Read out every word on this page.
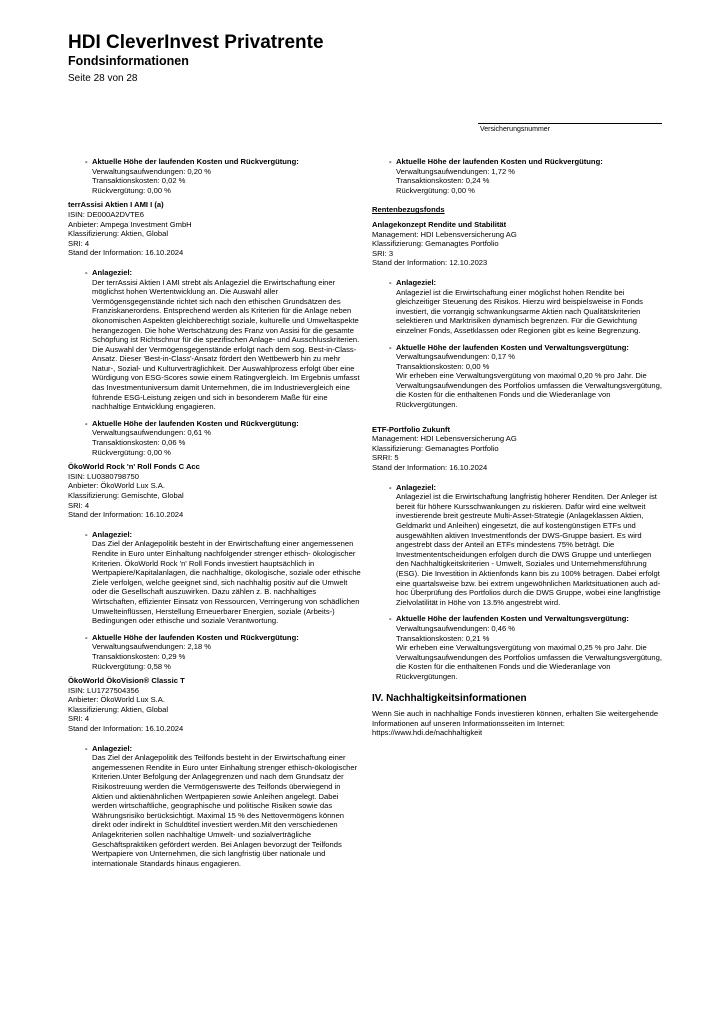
HDI CleverInvest Privatrente
Fondsinformationen
Seite 28 von 28
Versicherungsnummer
- Aktuelle Höhe der laufenden Kosten und Rückvergütung:
Verwaltungsaufwendungen: 0,20 %
Transaktionskosten: 0,02 %
Rückvergütung: 0,00 %
terrAssisi Aktien I AMI I (a)
ISIN: DE000A2DVTE6
Anbieter: Ampega Investment GmbH
Klassifizierung: Aktien, Global
SRI: 4
Stand der Information: 16.10.2024
- Anlageziel:
Der terrAssisi Aktien I AMI strebt als Anlageziel die Erwirtschaftung einer möglichst hohen Wertentwicklung an. Die Auswahl aller Vermögensgegenstände richtet sich nach den ethischen Grundsätzen des Franziskanerordens. Entsprechend werden als Kriterien für die Anlage neben ökonomischen Aspekten gleichberechtigt soziale, kulturelle und Umweltaspekte herangezogen. Die hohe Wertschätzung des Franz von Assisi für die gesamte Schöpfung ist Richtschnur für die spezifischen Anlage- und Ausschlusskriterien. Die Auswahl der Vermögensgegenstände erfolgt nach dem sog. Best-in-Class-Ansatz. Dieser 'Best-in-Class'-Ansatz fördert den Wettbewerb hin zu mehr Natur-, Sozial- und Kulturverträglichkeit. Der Auswahlprozess erfolgt über eine Würdigung von ESG-Scores sowie einem Ratingvergleich. Im Ergebnis umfasst das Investmentuniversum damit Unternehmen, die im Industrievergleich eine führende ESG-Leistung zeigen und sich in besonderem Maße für eine nachhaltige Entwicklung engagieren.
- Aktuelle Höhe der laufenden Kosten und Rückvergütung:
Verwaltungsaufwendungen: 0,61 %
Transaktionskosten: 0,06 %
Rückvergütung: 0,00 %
ÖkoWorld Rock 'n' Roll Fonds C Acc
ISIN: LU0380798750
Anbieter: ÖkoWorld Lux S.A.
Klassifizierung: Gemischte, Global
SRI: 4
Stand der Information: 16.10.2024
- Anlageziel:
Das Ziel der Anlagepolitik besteht in der Erwirtschaftung einer angemessenen Rendite in Euro unter Einhaltung nachfolgender strenger ethisch- ökologischer Kriterien. ÖkoWorld Rock 'n' Roll Fonds investiert hauptsächlich in Wertpapiere/Kapitalanlagen, die nachhaltige, ökologische, soziale oder ethische Ziele verfolgen, welche geeignet sind, sich nachhaltig positiv auf die Umwelt oder die Gesellschaft auszuwirken. Dazu zählen z. B. nachhaltiges Wirtschaften, effizienter Einsatz von Ressourcen, Verringerung von schädlichen Umwelteinflüssen, Herstellung Erneuerbarer Energien, soziale (Arbeits-) Bedingungen oder ethische und soziale Verantwortung.
- Aktuelle Höhe der laufenden Kosten und Rückvergütung:
Verwaltungsaufwendungen: 2,18 %
Transaktionskosten: 0,29 %
Rückvergütung: 0,58 %
ÖkoWorld ÖkoVision® Classic T
ISIN: LU1727504356
Anbieter: ÖkoWorld Lux S.A.
Klassifizierung: Aktien, Global
SRI: 4
Stand der Information: 16.10.2024
- Anlageziel:
Das Ziel der Anlagepolitik des Teilfonds besteht in der Erwirtschaftung einer angemessenen Rendite in Euro unter Einhaltung strenger ethisch-ökologischer Kriterien.Unter Befolgung der Anlagegrenzen und nach dem Grundsatz der Risikostreuung werden die Vermögenswerte des Teilfonds überwiegend in Aktien und aktienähnlichen Wertpapieren sowie Anleihen angelegt. Dabei werden wirtschaftliche, geographische und politische Risiken sowie das Währungsrisiko berücksichtigt. Maximal 15 % des Nettovermögens können direkt oder indirekt in Schuldtitel investiert werden.Mit den verschiedenen Anlagekriterien sollen nachhaltige Umwelt- und sozialverträgliche Geschäftspraktiken gefördert werden. Bei Anlagen bevorzugt der Teilfonds Wertpapiere von Unternehmen, die sich langfristig über nationale und internationale Standards hinaus engagieren.
- Aktuelle Höhe der laufenden Kosten und Rückvergütung:
Verwaltungsaufwendungen: 1,72 %
Transaktionskosten: 0,24 %
Rückvergütung: 0,00 %
Rentenbezugsfonds
Anlagekonzept Rendite und Stabilität
Management: HDI Lebensversicherung AG
Klassifizierung: Gemanagtes Portfolio
SRI: 3
Stand der Information: 12.10.2023
- Anlageziel:
Anlageziel ist die Erwirtschaftung einer möglichst hohen Rendite bei gleichzeitiger Steuerung des Risikos. Hierzu wird beispielsweise in Fonds investiert, die vorrangig schwankungsarme Aktien nach Qualitätskriterien selektieren und Marktrisiken dynamisch begrenzen. Für die Gewichtung einzelner Fonds, Assetklassen oder Regionen gibt es keine Begrenzung.
- Aktuelle Höhe der laufenden Kosten und Verwaltungsvergütung:
Verwaltungsaufwendungen: 0,17 %
Transaktionskosten: 0,00 %
Wir erheben eine Verwaltungsvergütung von maximal 0,20 % pro Jahr. Die Verwaltungsaufwendungen des Portfolios umfassen die Verwaltungsvergütung, die Kosten für die enthaltenen Fonds und die Wiederanlage von Rückvergütungen.
ETF-Portfolio Zukunft
Management: HDI Lebensversicherung AG
Klassifizierung: Gemanagtes Portfolio
SRRI: 5
Stand der Information: 16.10.2024
- Anlageziel:
Anlageziel ist die Erwirtschaftung langfristig höherer Renditen. Der Anleger ist bereit für höhere Kursschwankungen zu riskieren. Dafür wird eine weltweit investierende breit gestreute Multi-Asset-Strategie (Anlageklassen Aktien, Geldmarkt und Anleihen) eingesetzt, die auf kostengünstigen ETFs und ausgewählten aktiven Investmentfonds der DWS-Gruppe basiert. Es wird angestrebt dass der Anteil an ETFs mindestens 75% beträgt. Die Investmententscheidungen erfolgen durch die DWS Gruppe und unterliegen den Nachhaltigkeitskriterien - Umwelt, Soziales und Unternehmensführung (ESG). Die Investition in Aktienfonds kann bis zu 100% betragen. Dabei erfolgt eine quartalsweise bzw. bei extrem ungewöhnlichen Marktsituationen auch ad-hoc Überprüfung des Portfolios durch die DWS Gruppe, wobei eine langfristige Zielvolatilität in Höhe von 13.5% angestrebt wird.
- Aktuelle Höhe der laufenden Kosten und Verwaltungsvergütung:
Verwaltungsaufwendungen: 0,46 %
Transaktionskosten: 0,21 %
Wir erheben eine Verwaltungsvergütung von maximal 0,25 % pro Jahr. Die Verwaltungsaufwendungen des Portfolios umfassen die Verwaltungsvergütung, die Kosten für die enthaltenen Fonds und die Wiederanlage von Rückvergütungen.
IV. Nachhaltigkeitsinformationen
Wenn Sie auch in nachhaltige Fonds investieren können, erhalten Sie weitergehende Informationen auf unseren Informationsseiten im Internet: https://www.hdi.de/nachhaltigkeit
